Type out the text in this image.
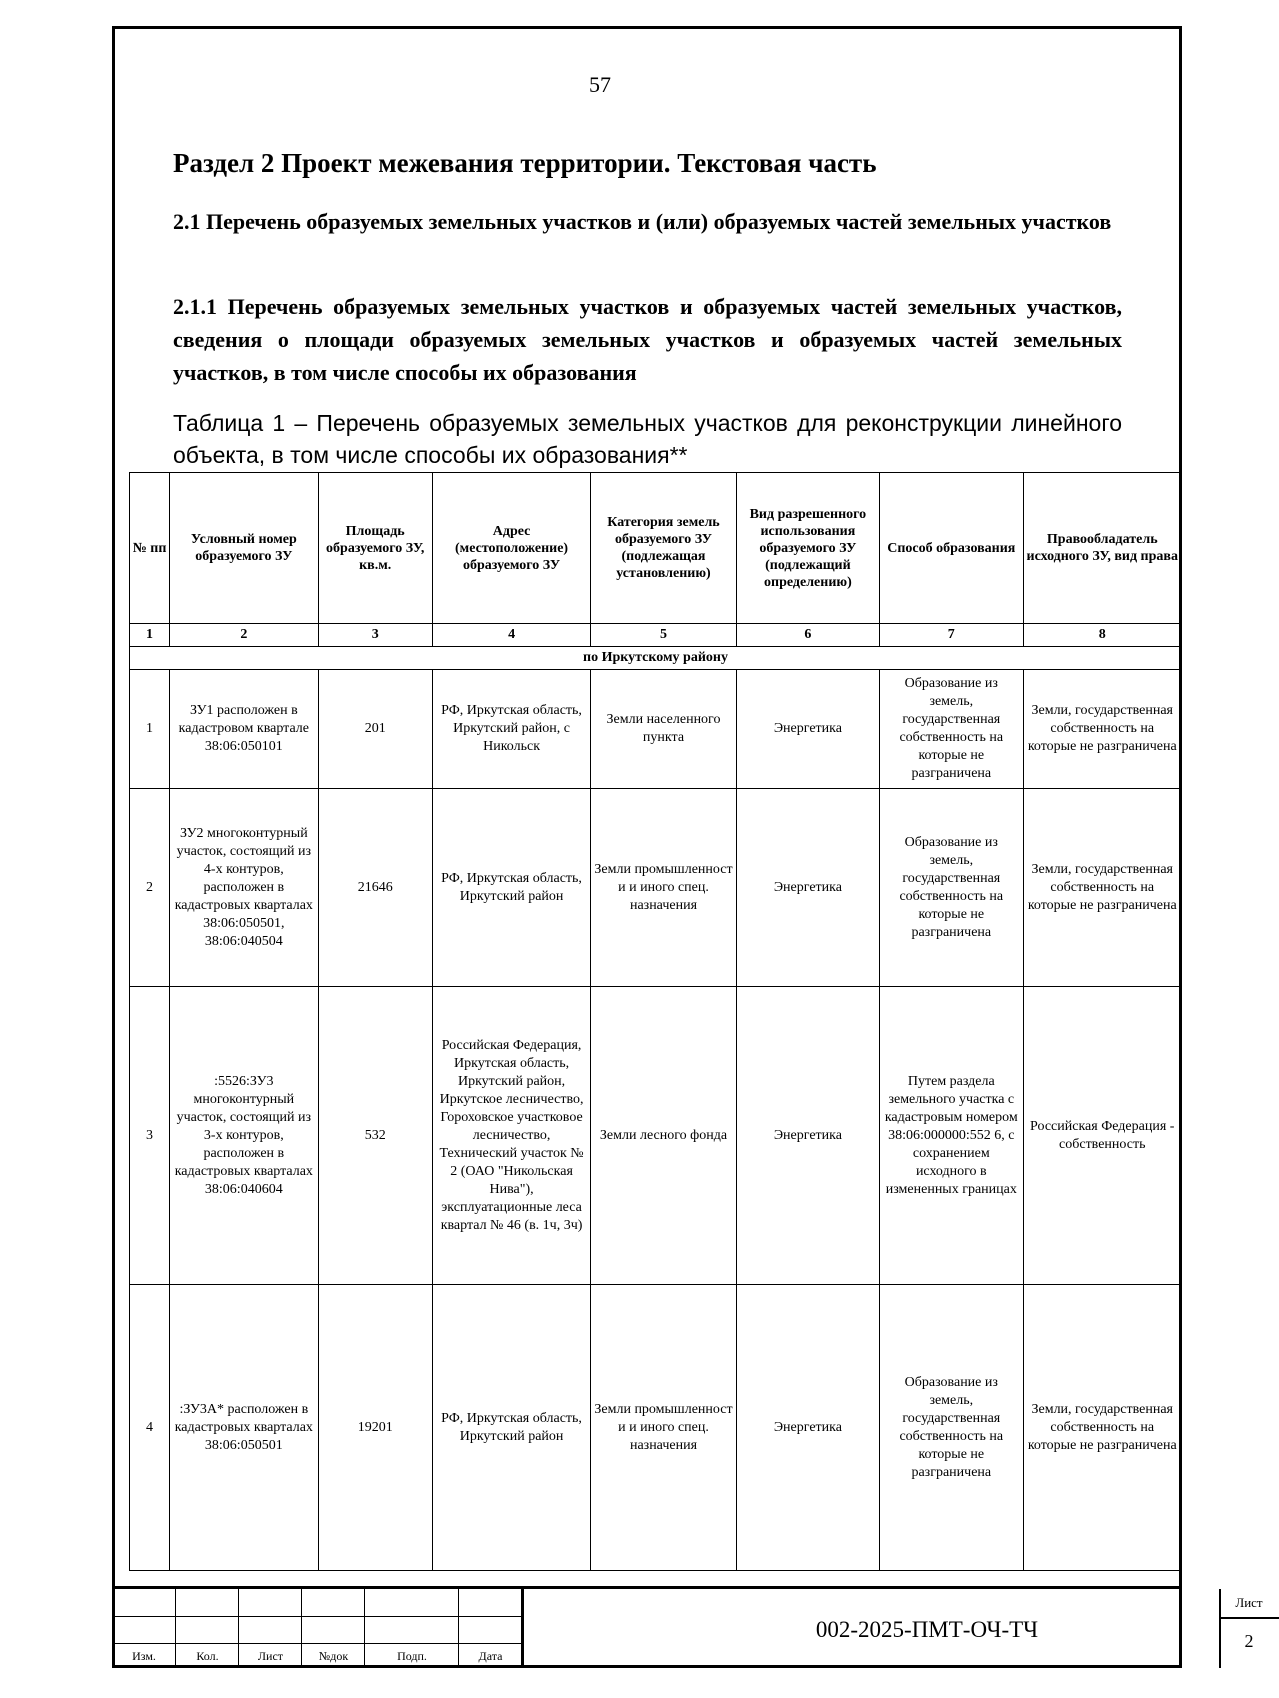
57
Раздел 2 Проект межевания территории. Текстовая часть
2.1 Перечень образуемых земельных участков и (или) образуемых частей земельных участков
2.1.1 Перечень образуемых земельных участков и образуемых частей земельных участков, сведения о площади образуемых земельных участков и образуемых частей земельных участков, в том числе способы их образования
Таблица 1 – Перечень образуемых земельных участков для реконструкции линейного объекта, в том числе способы их образования**
№ пп	Условный номер образуемого ЗУ	Площадь образуемого ЗУ, кв.м.	Адрес (местоположение) образуемого ЗУ	Категория земель образуемого ЗУ (подлежащая установлению)	Вид разрешенного использования образуемого ЗУ (подлежащий определению)	Способ образования	Правообладатель исходного ЗУ, вид права
1	2	3	4	5	6	7	8
по Иркутскому району							
1	ЗУ1 расположен в кадастровом квартале 38:06:050101	201	РФ, Иркутская область, Иркутский район, с Никольск	Земли населенного пункта	Энергетика	Образование из земель, государственная собственность на которые не разграничена	Земли, государственная собственность на которые не разграничена
2	ЗУ2 многоконтурный участок, состоящий из 4-х контуров, расположен в кадастровых кварталах 38:06:050501, 38:06:040504	21646	РФ, Иркутская область, Иркутский район	Земли промышленност и и иного спец. назначения	Энергетика	Образование из земель, государственная собственность на которые не разграничена	Земли, государственная собственность на которые не разграничена
3	:5526:ЗУ3 многоконтурный участок, состоящий из 3-х контуров, расположен в кадастровых кварталах 38:06:040604	532	Российская Федерация, Иркутская область, Иркутский район, Иркутское лесничество, Гороховское участковое лесничество, Технический участок № 2 (ОАО "Никольская Нива"), эксплуатационные леса квартал № 46 (в. 1ч, 3ч)	Земли лесного фонда	Энергетика	Путем раздела земельного участка с кадастровым номером 38:06:000000:552 6, с сохранением исходного в измененных границах	Российская Федерация - собственность
4	:ЗУ3А* расположен в кадастровых кварталах 38:06:050501	19201	РФ, Иркутская область, Иркутский район	Земли промышленност и и иного спец. назначения	Энергетика	Образование из земель, государственная собственность на которые не разграничена	Земли, государственная собственность на которые не разграничена
Изм.	Кол.	Лист	№док	Подп.	Дата
002-2025-ПМТ-ОЧ-ТЧ
Лист
2
